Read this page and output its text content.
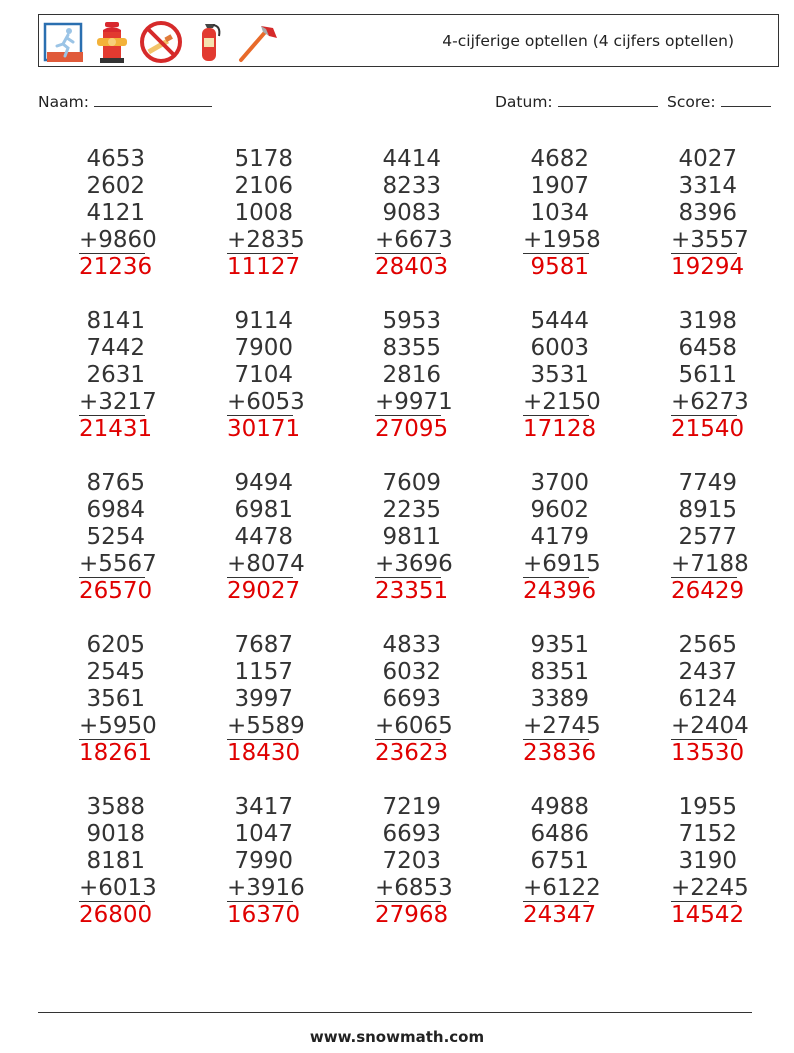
4-cijferige optellen (4 cijfers optellen)
Naam:	Datum:	Score:
4653
2602
4121
+9860
21236
5178
2106
1008
+2835
11127
4414
8233
9083
+6673
28403
4682
1907
1034
+1958
9581
4027
3314
8396
+3557
19294
8141
7442
2631
+3217
21431
9114
7900
7104
+6053
30171
5953
8355
2816
+9971
27095
5444
6003
3531
+2150
17128
3198
6458
5611
+6273
21540
8765
6984
5254
+5567
26570
9494
6981
4478
+8074
29027
7609
2235
9811
+3696
23351
3700
9602
4179
+6915
24396
7749
8915
2577
+7188
26429
6205
2545
3561
+5950
18261
7687
1157
3997
+5589
18430
4833
6032
6693
+6065
23623
9351
8351
3389
+2745
23836
2565
2437
6124
+2404
13530
3588
9018
8181
+6013
26800
3417
1047
7990
+3916
16370
7219
6693
7203
+6853
27968
4988
6486
6751
+6122
24347
1955
7152
3190
+2245
14542
www.snowmath.com
